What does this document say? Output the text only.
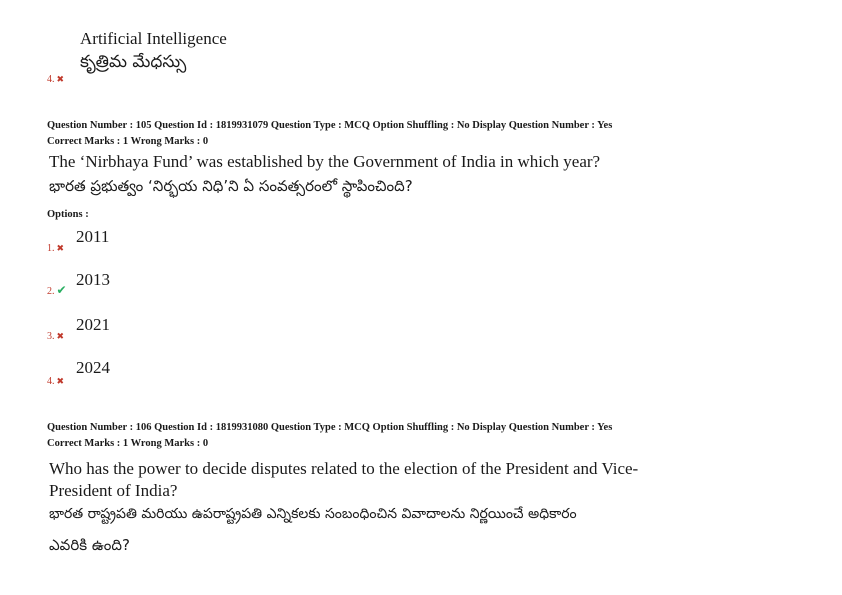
Artificial Intelligence
కృత్రిమ మేధస్సు
4. ✖
Question Number : 105 Question Id : 1819931079 Question Type : MCQ Option Shuffling : No Display Question Number : Yes
Correct Marks : 1 Wrong Marks : 0
The ‘Nirbhaya Fund’ was established by the Government of India in which year?
భారత ప్రభుత్వం ‘నిర్భయ నిధి’ని ఏ సంవత్సరంలో స్థాపించింది?
Options :
1. ✖
2011
2. ✔
2013
3. ✖
2021
4. ✖
2024
Question Number : 106 Question Id : 1819931080 Question Type : MCQ Option Shuffling : No Display Question Number : Yes
Correct Marks : 1 Wrong Marks : 0
Who has the power to decide disputes related to the election of the President and Vice-
President of India?
భారత రాష్ట్రపతి మరియు ఉపరాష్ట్రపతి ఎన్నికలకు సంబంధించిన వివాదాలను నిర్ణయించే అధికారం
ఎవరికి ఉంది?
